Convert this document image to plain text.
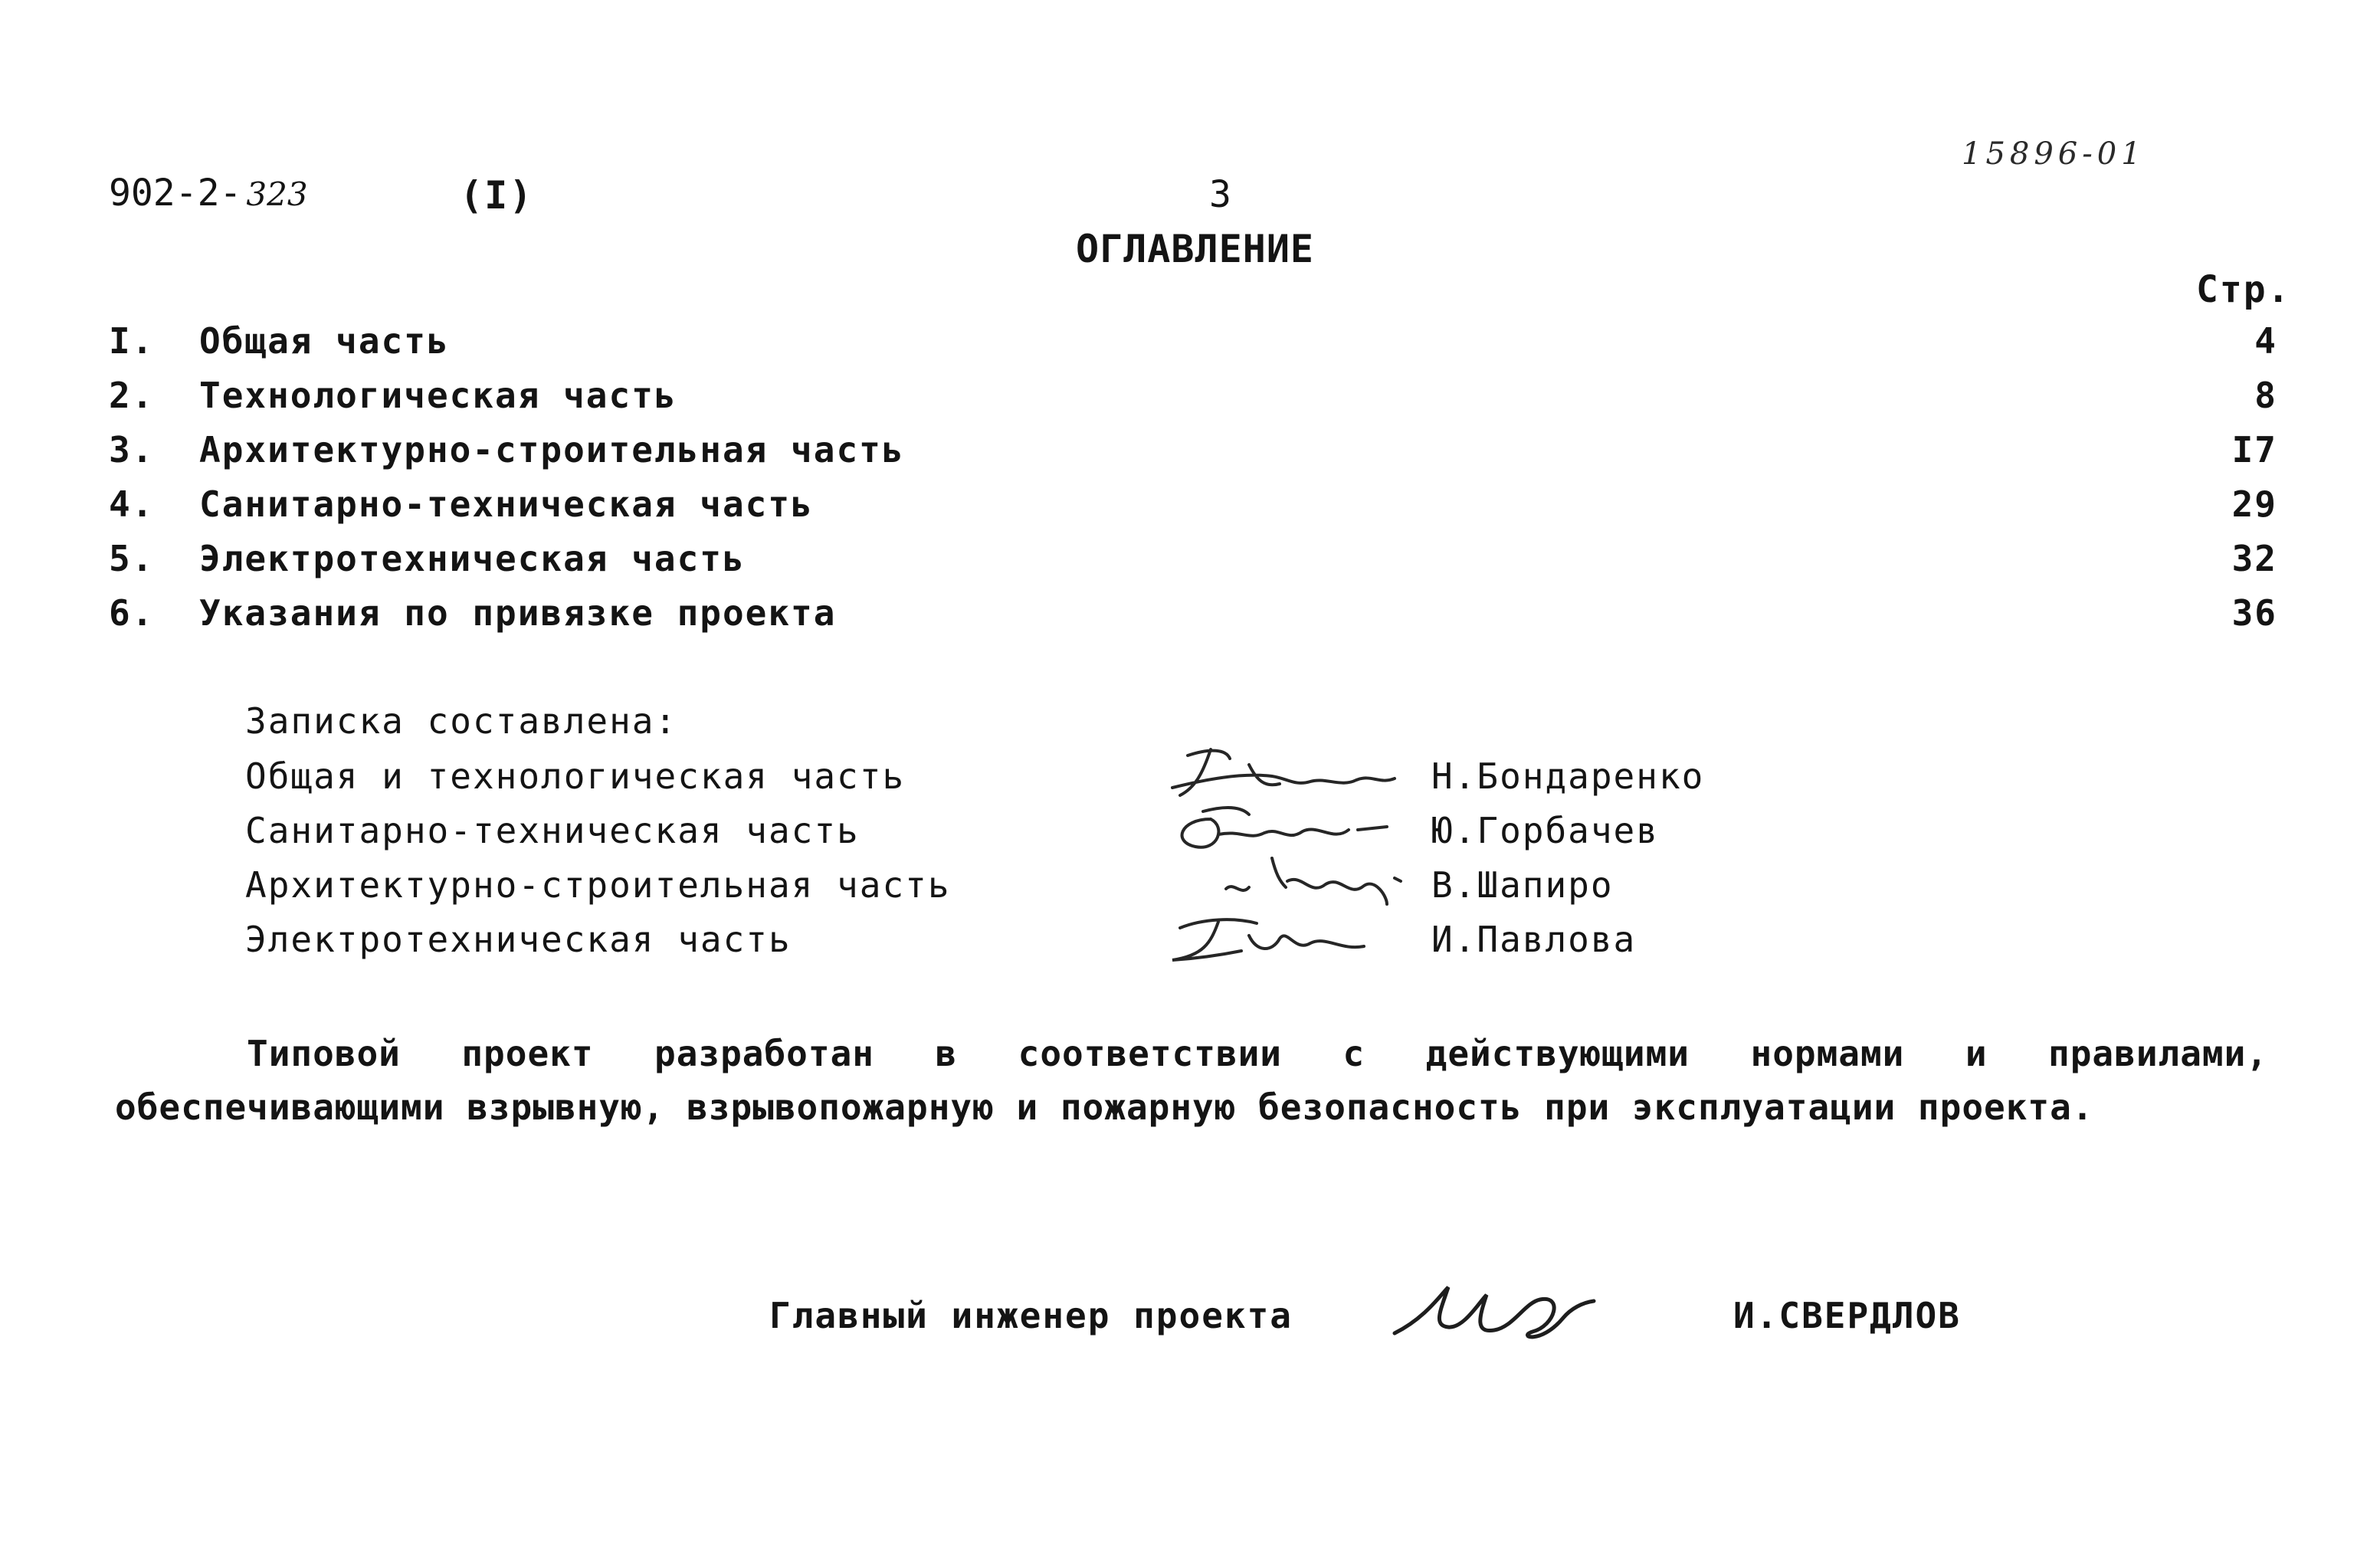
902-2- 323	(I)	3
15896-01
ОГЛАВЛЕНИЕ
Стр.
I. Общая часть	4
2. Технологическая часть	8
3. Архитектурно-строительная часть	I7
4. Санитарно-техническая часть	29
5. Электротехническая часть	32
6. Указания по привязке проекта	36
Записка составлена:
Общая и технологическая часть	Н.Бондаренко
Санитарно-техническая часть	Ю.Горбачев
Архитектурно-строительная часть	В.Шапиро
Электротехническая часть	И.Павлова
Типовой проект разработан в соответствии с действующими нормами и правилами, обеспечивающими взрывную, взрывопожарную и пожарную безопасность при эксплуатации проекта.
Главный инженер проекта	И.СВЕРДЛОВ
